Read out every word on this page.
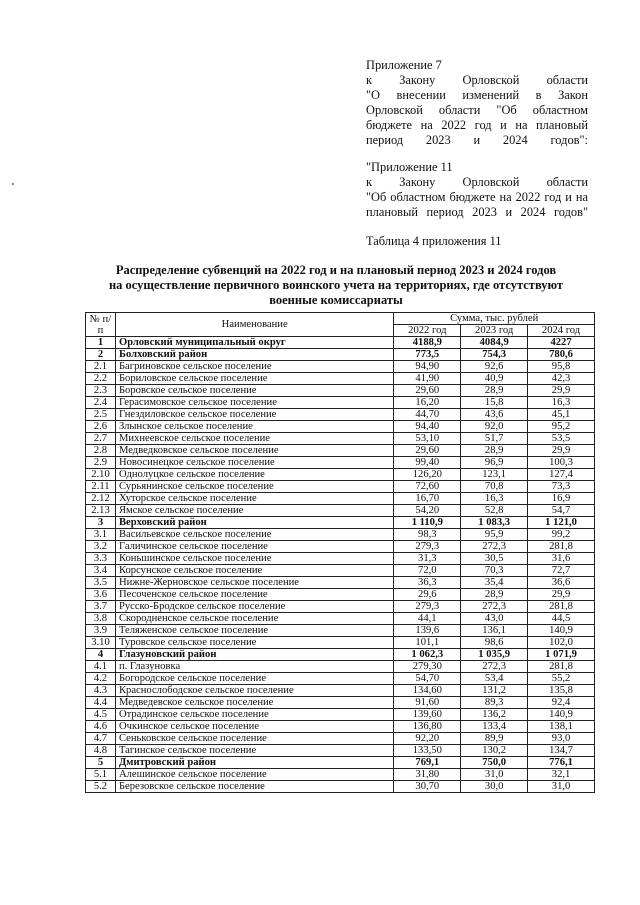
Приложение 7

к Закону Орловской области

"О внесении изменений в Закон Орловской области "Об областном бюджете на 2022 год и на плановый период 2023 и 2024 годов":

"Приложение 11

к Закону Орловской области

"Об областном бюджете на 2022 год и на плановый период 2023 и 2024 годов"

Таблица 4 приложения 11

Распределение субвенций на 2022 год и на плановый период 2023 и 2024 годов
на осуществление первичного воинского учета на территориях, где отсутствуют
военные комиссариаты
№ п/п	Наименование	Сумма, тыс. рублей		
		2022 год	2023 год	2024 год
1	Орловский муниципальный округ	4188,9	4084,9	4227
2	Болховский район	773,5	754,3	780,6
2.1	Багриновское сельское поселение	94,90	92,6	95,8
2.2	Бориловское сельское поселение	41,90	40,9	42,3
2.3	Боровское сельское поселение	29,60	28,9	29,9
2.4	Герасимовское сельское поселение	16,20	15,8	16,3
2.5	Гнездиловское сельское поселение	44,70	43,6	45,1
2.6	Злынское сельское поселение	94,40	92,0	95,2
2.7	Михнеевское сельское поселение	53,10	51,7	53,5
2.8	Медведковское сельское поселение	29,60	28,9	29,9
2.9	Новосинецкое сельское поселение	99,40	96,9	100,3
2.10	Однолуцкое сельское поселение	126,20	123,1	127,4
2.11	Сурьянинское сельское поселение	72,60	70,8	73,3
2.12	Хуторское сельское поселение	16,70	16,3	16,9
2.13	Ямское сельское поселение	54,20	52,8	54,7
3	Верховский район	1 110,9	1 083,3	1 121,0
3.1	Васильевское сельское поселение	98,3	95,9	99,2
3.2	Галичинское сельское поселение	279,3	272,3	281,8
3.3	Коньшинское сельское поселение	31,3	30,5	31,6
3.4	Корсунское сельское поселение	72,0	70,3	72,7
3.5	Нижне-Жерновское сельское поселение	36,3	35,4	36,6
3.6	Песоченское сельское поселение	29,6	28,9	29,9
3.7	Русско-Бродское сельское поселение	279,3	272,3	281,8
3.8	Скородненское сельское поселение	44,1	43,0	44,5
3.9	Теляженское сельское поселение	139,6	136,1	140,9
3.10	Туровское сельское поселение	101,1	98,6	102,0
4	Глазуновский район	1 062,3	1 035,9	1 071,9
4.1	п. Глазуновка	279,30	272,3	281,8
4.2	Богородское сельское поселение	54,70	53,4	55,2
4.3	Краснослободское сельское поселение	134,60	131,2	135,8
4.4	Медведевское сельское поселение	91,60	89,3	92,4
4.5	Отрадинское сельское поселение	139,60	136,2	140,9
4.6	Очкинское сельское поселение	136,80	133,4	138,1
4.7	Сеньковское сельское поселение	92,20	89,9	93,0
4.8	Тагинское сельское поселение	133,50	130,2	134,7
5	Дмитровский район	769,1	750,0	776,1
5.1	Алешинское сельское поселение	31,80	31,0	32,1
5.2	Березовское сельское поселение	30,70	30,0	31,0
